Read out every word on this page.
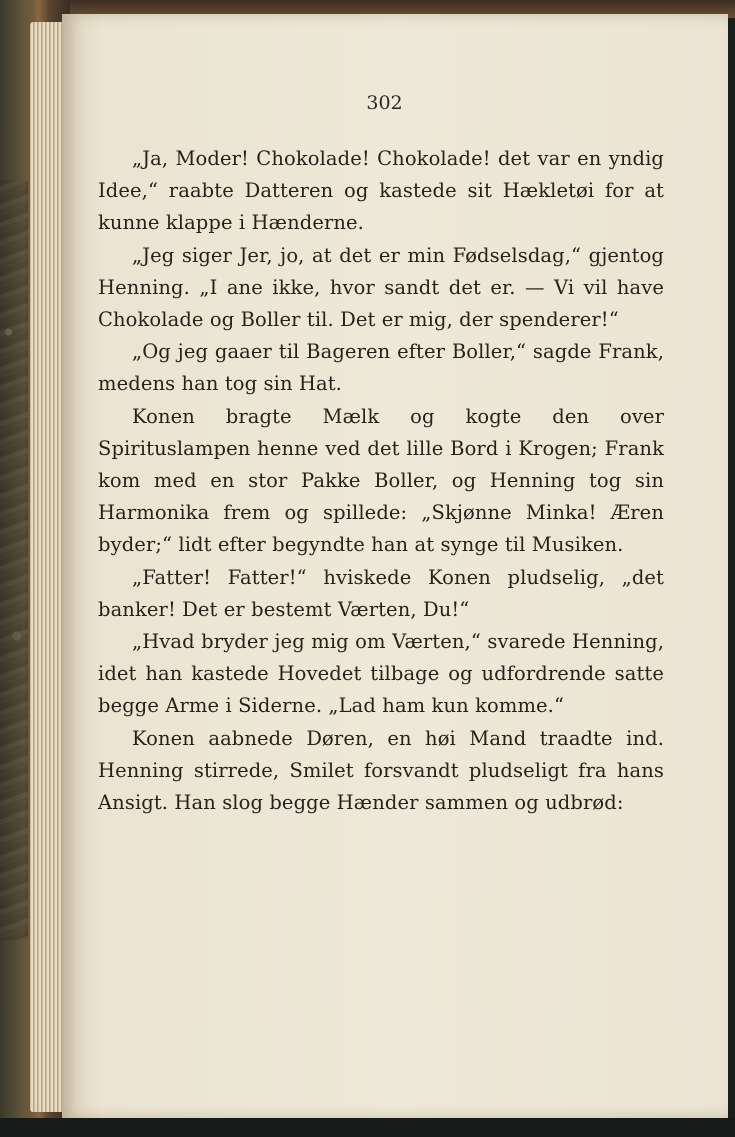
302

„Ja, Moder! Chokolade! Chokolade! det var en yndig Idee,“ raabte Datteren og kastede sit Hækletøi for at kunne klappe i Hænderne.

„Jeg siger Jer, jo, at det er min Fødselsdag,“ gjentog Henning. „I ane ikke, hvor sandt det er. — Vi vil have Chokolade og Boller til. Det er mig, der spenderer!“

„Og jeg gaaer til Bageren efter Boller,“ sagde Frank, medens han tog sin Hat.

Konen bragte Mælk og kogte den over Spirituslampen henne ved det lille Bord i Krogen; Frank kom med en stor Pakke Boller, og Henning tog sin Harmonika frem og spillede: „Skjønne Minka! Æren byder;“ lidt efter begyndte han at synge til Musiken.

„Fatter! Fatter!“ hviskede Konen pludselig, „det banker! Det er bestemt Værten, Du!“

„Hvad bryder jeg mig om Værten,“ svarede Henning, idet han kastede Hovedet tilbage og udfordrende satte begge Arme i Siderne. „Lad ham kun komme.“

Konen aabnede Døren, en høi Mand traadte ind. Henning stirrede, Smilet forsvandt pludseligt fra hans Ansigt. Han slog begge Hænder sammen og udbrød:
